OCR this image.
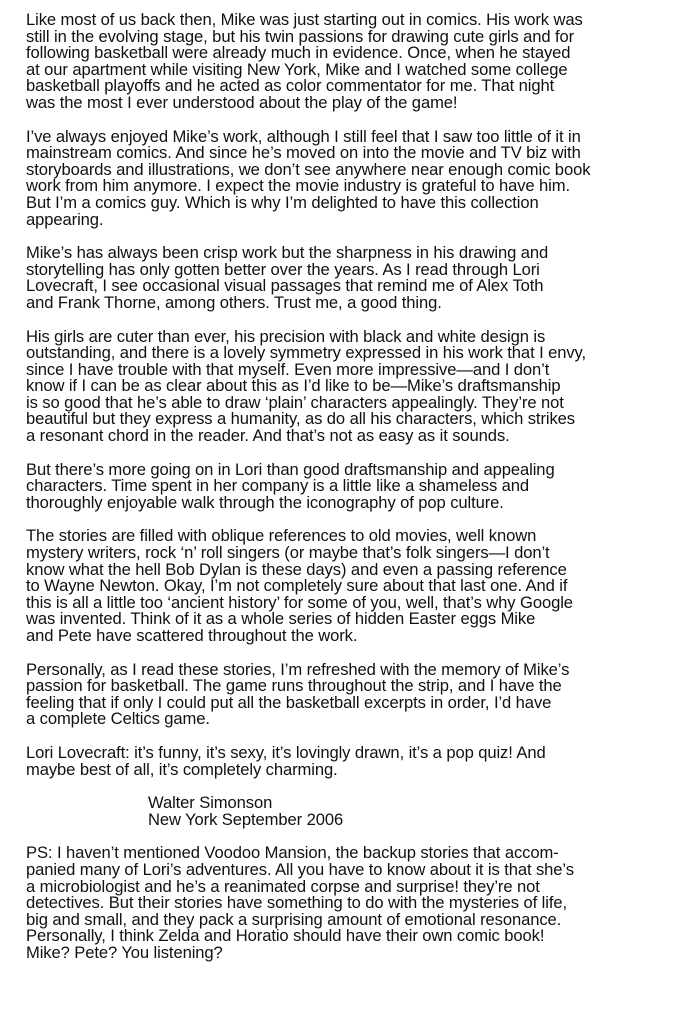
Like most of us back then, Mike was just starting out in comics. His work was
still in the evolving stage, but his twin passions for drawing cute girls and for
following basketball were already much in evidence. Once, when he stayed
at our apartment while visiting New York, Mike and I watched some college
basketball playoffs and he acted as color commentator for me. That night
was the most I ever understood about the play of the game!
I’ve always enjoyed Mike’s work, although I still feel that I saw too little of it in
mainstream comics. And since he’s moved on into the movie and TV biz with
storyboards and illustrations, we don’t see anywhere near enough comic book
work from him anymore. I expect the movie industry is grateful to have him.
But I’m a comics guy. Which is why I’m delighted to have this collection
appearing.
Mike’s has always been crisp work but the sharpness in his drawing and
storytelling has only gotten better over the years. As I read through Lori
Lovecraft, I see occasional visual passages that remind me of Alex Toth
and Frank Thorne, among others. Trust me, a good thing.
His girls are cuter than ever, his precision with black and white design is
outstanding, and there is a lovely symmetry expressed in his work that I envy,
since I have trouble with that myself. Even more impressive—and I don’t
know if I can be as clear about this as I’d like to be—Mike’s draftsmanship
is so good that he’s able to draw ‘plain’ characters appealingly. They’re not
beautiful but they express a humanity, as do all his characters, which strikes
a resonant chord in the reader. And that’s not as easy as it sounds.
But there’s more going on in Lori than good draftsmanship and appealing
characters. Time spent in her company is a little like a shameless and
thoroughly enjoyable walk through the iconography of pop culture.
The stories are filled with oblique references to old movies, well known
mystery writers, rock ‘n’ roll singers (or maybe that’s folk singers—I don’t
know what the hell Bob Dylan is these days) and even a passing reference
to Wayne Newton. Okay, I’m not completely sure about that last one. And if
this is all a little too ‘ancient history’ for some of you, well, that’s why Google
was invented. Think of it as a whole series of hidden Easter eggs Mike
and Pete have scattered throughout the work.
Personally, as I read these stories, I’m refreshed with the memory of Mike’s
passion for basketball. The game runs throughout the strip, and I have the
feeling that if only I could put all the basketball excerpts in order, I’d have
a complete Celtics game.
Lori Lovecraft: it’s funny, it’s sexy, it’s lovingly drawn, it’s a pop quiz! And
maybe best of all, it’s completely charming.
Walter Simonson
New York September 2006
PS: I haven’t mentioned Voodoo Mansion, the backup stories that accom-
panied many of Lori’s adventures. All you have to know about it is that she’s
a microbiologist and he’s a reanimated corpse and surprise! they’re not
detectives. But their stories have something to do with the mysteries of life,
big and small, and they pack a surprising amount of emotional resonance.
Personally, I think Zelda and Horatio should have their own comic book!
Mike? Pete? You listening?
